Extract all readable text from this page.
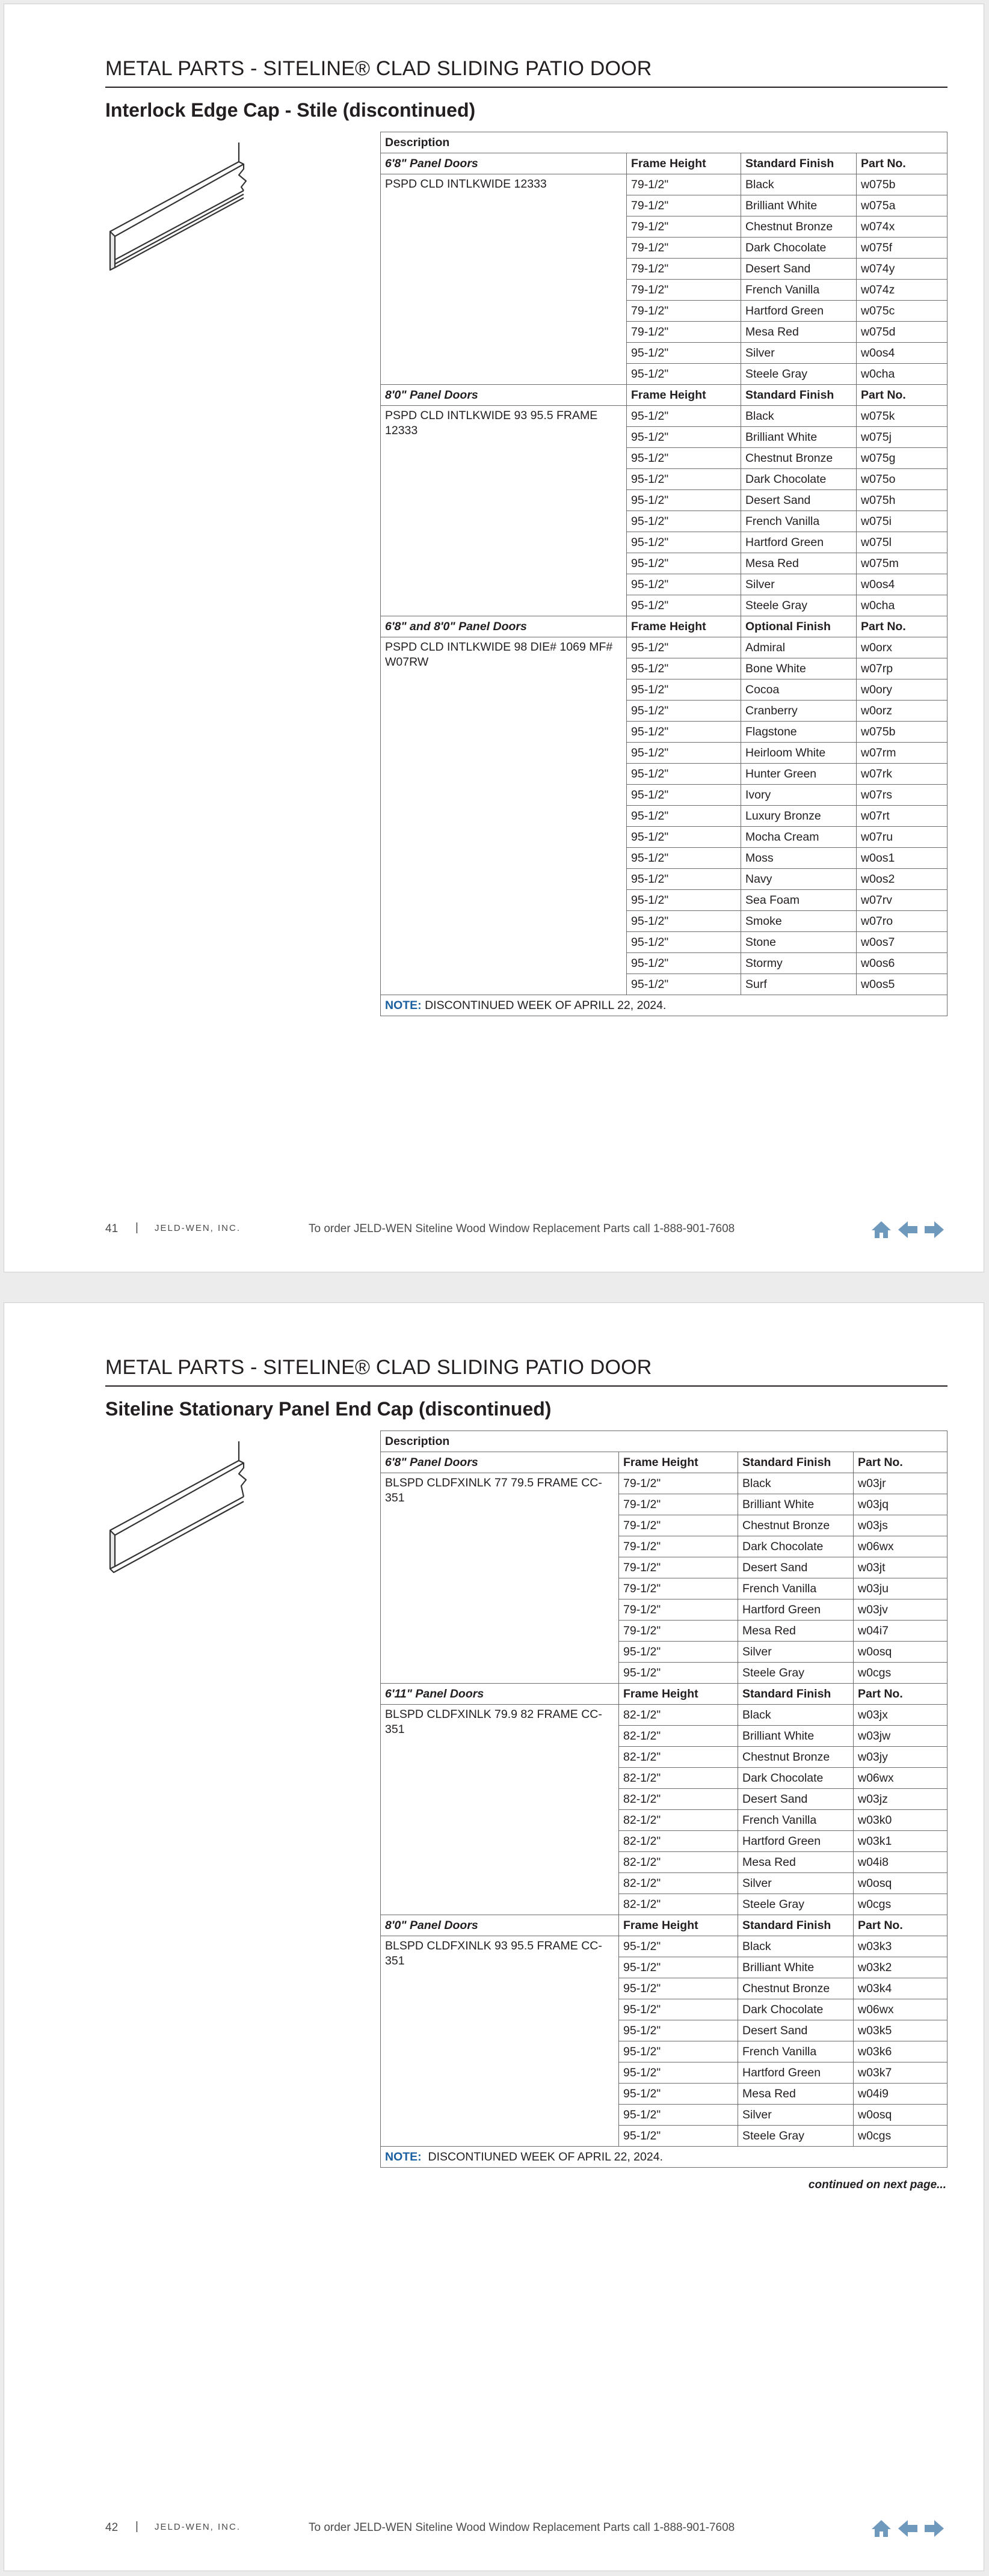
METAL PARTS - SITELINE® CLAD SLIDING PATIO DOOR
Interlock Edge Cap - Stile (discontinued)
Description			
6'8" Panel Doors	Frame Height	Standard Finish	Part No.
PSPD CLD INTLKWIDE 12333	79-1/2"	Black	w075b
	79-1/2"	Brilliant White	w075a
	79-1/2"	Chestnut Bronze	w074x
	79-1/2"	Dark Chocolate	w075f
	79-1/2"	Desert Sand	w074y
	79-1/2"	French Vanilla	w074z
	79-1/2"	Hartford Green	w075c
	79-1/2"	Mesa Red	w075d
	95-1/2"	Silver	w0os4
	95-1/2"	Steele Gray	w0cha
8'0" Panel Doors	Frame Height	Standard Finish	Part No.
PSPD CLD INTLKWIDE 93 95.5 FRAME 12333	95-1/2"	Black	w075k
	95-1/2"	Brilliant White	w075j
	95-1/2"	Chestnut Bronze	w075g
	95-1/2"	Dark Chocolate	w075o
	95-1/2"	Desert Sand	w075h
	95-1/2"	French Vanilla	w075i
	95-1/2"	Hartford Green	w075l
	95-1/2"	Mesa Red	w075m
	95-1/2"	Silver	w0os4
	95-1/2"	Steele Gray	w0cha
6'8" and 8'0" Panel Doors	Frame Height	Optional Finish	Part No.
PSPD CLD INTLKWIDE 98 DIE# 1069 MF# W07RW	95-1/2"	Admiral	w0orx
	95-1/2"	Bone White	w07rp
	95-1/2"	Cocoa	w0ory
	95-1/2"	Cranberry	w0orz
	95-1/2"	Flagstone	w075b
	95-1/2"	Heirloom White	w07rm
	95-1/2"	Hunter Green	w07rk
	95-1/2"	Ivory	w07rs
	95-1/2"	Luxury Bronze	w07rt
	95-1/2"	Mocha Cream	w07ru
	95-1/2"	Moss	w0os1
	95-1/2"	Navy	w0os2
	95-1/2"	Sea Foam	w07rv
	95-1/2"	Smoke	w07ro
	95-1/2"	Stone	w0os7
	95-1/2"	Stormy	w0os6
	95-1/2"	Surf	w0os5
NOTE: DISCONTINUED WEEK OF APRILL 22, 2024.			
41 | JELD-WEN, INC.	To order JELD-WEN Siteline Wood Window Replacement Parts call 1-888-901-7608
METAL PARTS - SITELINE® CLAD SLIDING PATIO DOOR
Siteline Stationary Panel End Cap (discontinued)
Description			
6'8" Panel Doors	Frame Height	Standard Finish	Part No.
BLSPD CLDFXINLK 77 79.5 FRAME CC-351	79-1/2"	Black	w03jr
	79-1/2"	Brilliant White	w03jq
	79-1/2"	Chestnut Bronze	w03js
	79-1/2"	Dark Chocolate	w06wx
	79-1/2"	Desert Sand	w03jt
	79-1/2"	French Vanilla	w03ju
	79-1/2"	Hartford Green	w03jv
	79-1/2"	Mesa Red	w04i7
	95-1/2"	Silver	w0osq
	95-1/2"	Steele Gray	w0cgs
6'11" Panel Doors	Frame Height	Standard Finish	Part No.
BLSPD CLDFXINLK 79.9 82 FRAME CC-351	82-1/2"	Black	w03jx
	82-1/2"	Brilliant White	w03jw
	82-1/2"	Chestnut Bronze	w03jy
	82-1/2"	Dark Chocolate	w06wx
	82-1/2"	Desert Sand	w03jz
	82-1/2"	French Vanilla	w03k0
	82-1/2"	Hartford Green	w03k1
	82-1/2"	Mesa Red	w04i8
	82-1/2"	Silver	w0osq
	82-1/2"	Steele Gray	w0cgs
8'0" Panel Doors	Frame Height	Standard Finish	Part No.
BLSPD CLDFXINLK 93 95.5 FRAME CC-351	95-1/2"	Black	w03k3
	95-1/2"	Brilliant White	w03k2
	95-1/2"	Chestnut Bronze	w03k4
	95-1/2"	Dark Chocolate	w06wx
	95-1/2"	Desert Sand	w03k5
	95-1/2"	French Vanilla	w03k6
	95-1/2"	Hartford Green	w03k7
	95-1/2"	Mesa Red	w04i9
	95-1/2"	Silver	w0osq
	95-1/2"	Steele Gray	w0cgs
NOTE:  DISCONTIUNED WEEK OF APRIL 22, 2024.			
continued on next page...
42 | JELD-WEN, INC.	To order JELD-WEN Siteline Wood Window Replacement Parts call 1-888-901-7608
